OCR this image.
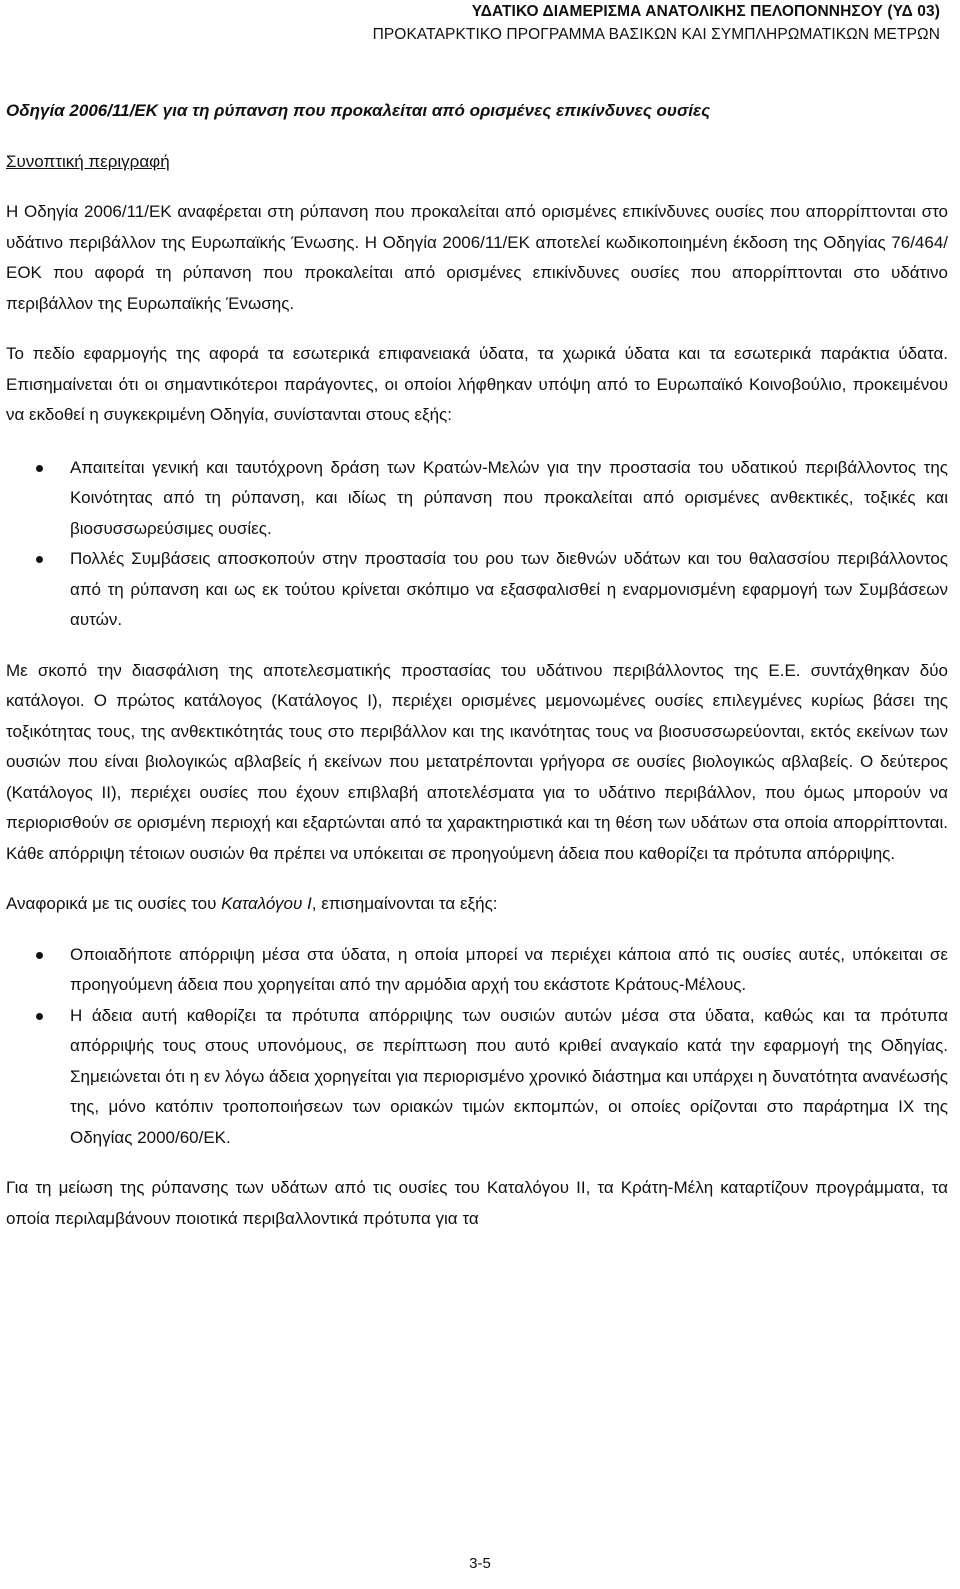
ΥΔΑΤΙΚΟ ΔΙΑΜΕΡΙΣΜΑ ΑΝΑΤΟΛΙΚΗΣ ΠΕΛΟΠΟΝΝΗΣΟΥ (ΥΔ 03)
ΠΡΟΚΑΤΑΡΚΤΙΚΟ ΠΡΟΓΡΑΜΜΑ ΒΑΣΙΚΩΝ ΚΑΙ ΣΥΜΠΛΗΡΩΜΑΤΙΚΩΝ ΜΕΤΡΩΝ

Οδηγία 2006/11/ΕΚ για τη ρύπανση που προκαλείται από ορισμένες επικίνδυνες ουσίες

Συνοπτική περιγραφή

Η Οδηγία 2006/11/ΕΚ αναφέρεται στη ρύπανση που προκαλείται από ορισμένες επικίνδυνες ουσίες που απορρίπτονται στο υδάτινο περιβάλλον της Ευρωπαϊκής Ένωσης. Η Οδηγία 2006/11/ΕΚ αποτελεί κωδικοποιημένη έκδοση της Οδηγίας 76/464/ΕΟΚ που αφορά τη ρύπανση που προκαλείται από ορισμένες επικίνδυνες ουσίες που απορρίπτονται στο υδάτινο περιβάλλον της Ευρωπαϊκής Ένωσης.

Το πεδίο εφαρμογής της αφορά τα εσωτερικά επιφανειακά ύδατα, τα χωρικά ύδατα και τα εσωτερικά παράκτια ύδατα. Επισημαίνεται ότι οι σημαντικότεροι παράγοντες, οι οποίοι λήφθηκαν υπόψη από το Ευρωπαϊκό Κοινοβούλιο, προκειμένου να εκδοθεί η συγκεκριμένη Οδηγία, συνίστανται στους εξής:

Απαιτείται γενική και ταυτόχρονη δράση των Κρατών-Μελών για την προστασία του υδατικού περιβάλλοντος της Κοινότητας από τη ρύπανση, και ιδίως τη ρύπανση που προκαλείται από ορισμένες ανθεκτικές, τοξικές και βιοσυσσωρεύσιμες ουσίες.
Πολλές Συμβάσεις αποσκοπούν στην προστασία του ρου των διεθνών υδάτων και του θαλασσίου περιβάλλοντος από τη ρύπανση και ως εκ τούτου κρίνεται σκόπιμο να εξασφαλισθεί η εναρμονισμένη εφαρμογή των Συμβάσεων αυτών.

Με σκοπό την διασφάλιση της αποτελεσματικής προστασίας του υδάτινου περιβάλλοντος της Ε.Ε. συντάχθηκαν δύο κατάλογοι. Ο πρώτος κατάλογος (Κατάλογος Ι), περιέχει ορισμένες μεμονωμένες ουσίες επιλεγμένες κυρίως βάσει της τοξικότητας τους, της ανθεκτικότητάς τους στο περιβάλλον και της ικανότητας τους να βιοσυσσωρεύονται, εκτός εκείνων των ουσιών που είναι βιολογικώς αβλαβείς ή εκείνων που μετατρέπονται γρήγορα σε ουσίες βιολογικώς αβλαβείς. Ο δεύτερος (Κατάλογος ΙΙ), περιέχει ουσίες που έχουν επιβλαβή αποτελέσματα για το υδάτινο περιβάλλον, που όμως μπορούν να περιορισθούν σε ορισμένη περιοχή και εξαρτώνται από τα χαρακτηριστικά και τη θέση των υδάτων στα οποία απορρίπτονται. Κάθε απόρριψη τέτοιων ουσιών θα πρέπει να υπόκειται σε προηγούμενη άδεια που καθορίζει τα πρότυπα απόρριψης.

Αναφορικά με τις ουσίες του Καταλόγου Ι, επισημαίνονται τα εξής:

Οποιαδήποτε απόρριψη μέσα στα ύδατα, η οποία μπορεί να περιέχει κάποια από τις ουσίες αυτές, υπόκειται σε προηγούμενη άδεια που χορηγείται από την αρμόδια αρχή του εκάστοτε Κράτους-Μέλους.
Η άδεια αυτή καθορίζει τα πρότυπα απόρριψης των ουσιών αυτών μέσα στα ύδατα, καθώς και τα πρότυπα απόρριψής τους στους υπονόμους, σε περίπτωση που αυτό κριθεί αναγκαίο κατά την εφαρμογή της Οδηγίας. Σημειώνεται ότι η εν λόγω άδεια χορηγείται για περιορισμένο χρονικό διάστημα και υπάρχει η δυνατότητα ανανέωσής της, μόνο κατόπιν τροποποιήσεων των οριακών τιμών εκπομπών, οι οποίες ορίζονται στο παράρτημα IX της Οδηγίας 2000/60/ΕΚ.

Για τη μείωση της ρύπανσης των υδάτων από τις ουσίες του Καταλόγου ΙΙ, τα Κράτη-Μέλη καταρτίζουν προγράμματα, τα οποία περιλαμβάνουν ποιοτικά περιβαλλοντικά πρότυπα για τα

3-5
